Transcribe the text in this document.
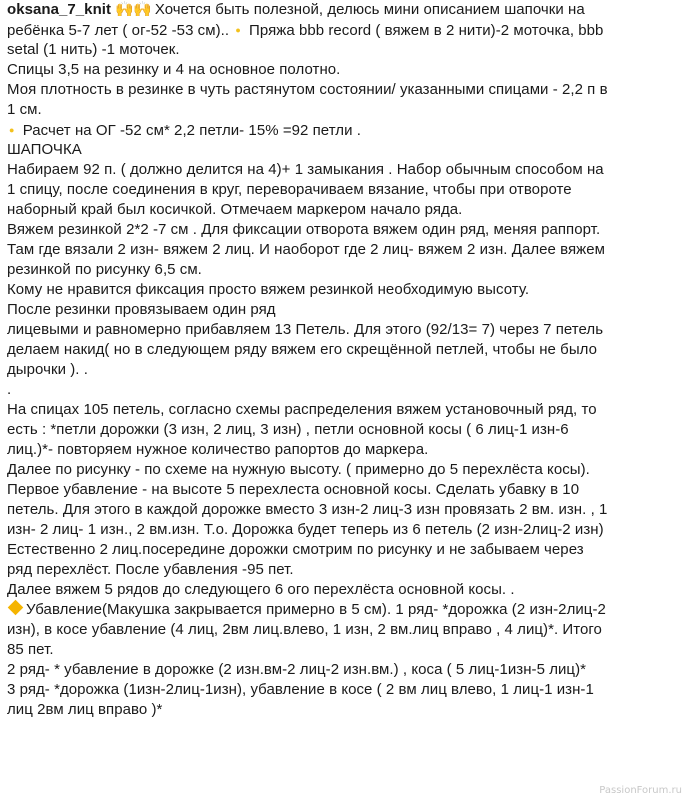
oksana_7_knit 🙌🙌 Хочется быть полезной, делюсь мини описанием шапочки на
ребёнка 5-7 лет ( ог-52 -53 см).. ● Пряжа bbb record ( вяжем в 2 нити)-2 моточка, bbb
setal (1 нить) -1 моточек.
Спицы 3,5 на резинку и 4 на основное полотно.
Моя плотность в резинке в чуть растянутом состоянии/ указанными спицами - 2,2 п в
1 см.
● Расчет на ОГ -52 см* 2,2 петли- 15% =92 петли .
ШАПОЧКА
Набираем 92 п. ( должно делится на 4)+ 1 замыкания . Набор обычным способом на
1 спицу, после соединения в круг, переворачиваем вязание, чтобы при отвороте
наборный край был косичкой. Отмечаем маркером начало ряда.
Вяжем резинкой 2*2 -7 см . Для фиксации отворота вяжем один ряд, меняя раппорт.
Там где вязали 2 изн- вяжем 2 лиц. И наоборот где 2 лиц- вяжем 2 изн. Далее вяжем
резинкой по рисунку 6,5 см.
Кому не нравится фиксация просто вяжем резинкой необходимую высоту.
После резинки провязываем один ряд
лицевыми и равномерно прибавляем 13 Петель. Для этого (92/13= 7) через 7 петель
делаем накид( но в следующем ряду вяжем его скрещённой петлей, чтобы не было
дырочки ). .
.
На спицах 105 петель, согласно схемы распределения вяжем установочный ряд, то
есть : *петли дорожки (3 изн, 2 лиц, 3 изн) , петли основной косы ( 6 лиц-1 изн-6
лиц.)*- повторяем нужное количество рапортов до маркера.
Далее по рисунку - по схеме на нужную высоту. ( примерно до 5 перехлёста косы).
Первое убавление - на высоте 5 перехлеста основной косы. Сделать убавку в 10
петель. Для этого в каждой дорожке вместо 3 изн-2 лиц-3 изн провязать 2 вм. изн. , 1
изн- 2 лиц- 1 изн., 2 вм.изн. Т.о. Дорожка будет теперь из 6 петель (2 изн-2лиц-2 изн)
Естественно 2 лиц.посередине дорожки смотрим по рисунку и не забываем через
ряд перехлёст. После убавления -95 пет.
Далее вяжем 5 рядов до следующего 6 ого перехлёста основной косы. .
Убавление(Макушка закрывается примерно в 5 см). 1 ряд- *дорожка (2 изн-2лиц-2
изн), в косе убавление (4 лиц, 2вм лиц.влево, 1 изн, 2 вм.лиц вправо , 4 лиц)*. Итого
85 пет.
2 ряд- * убавление в дорожке (2 изн.вм-2 лиц-2 изн.вм.) , коса ( 5 лиц-1изн-5 лиц)*
3 ряд- *дорожка (1изн-2лиц-1изн), убавление в косе ( 2 вм лиц влево, 1 лиц-1 изн-1
лиц 2вм лиц вправо )*
PassionForum.ru
